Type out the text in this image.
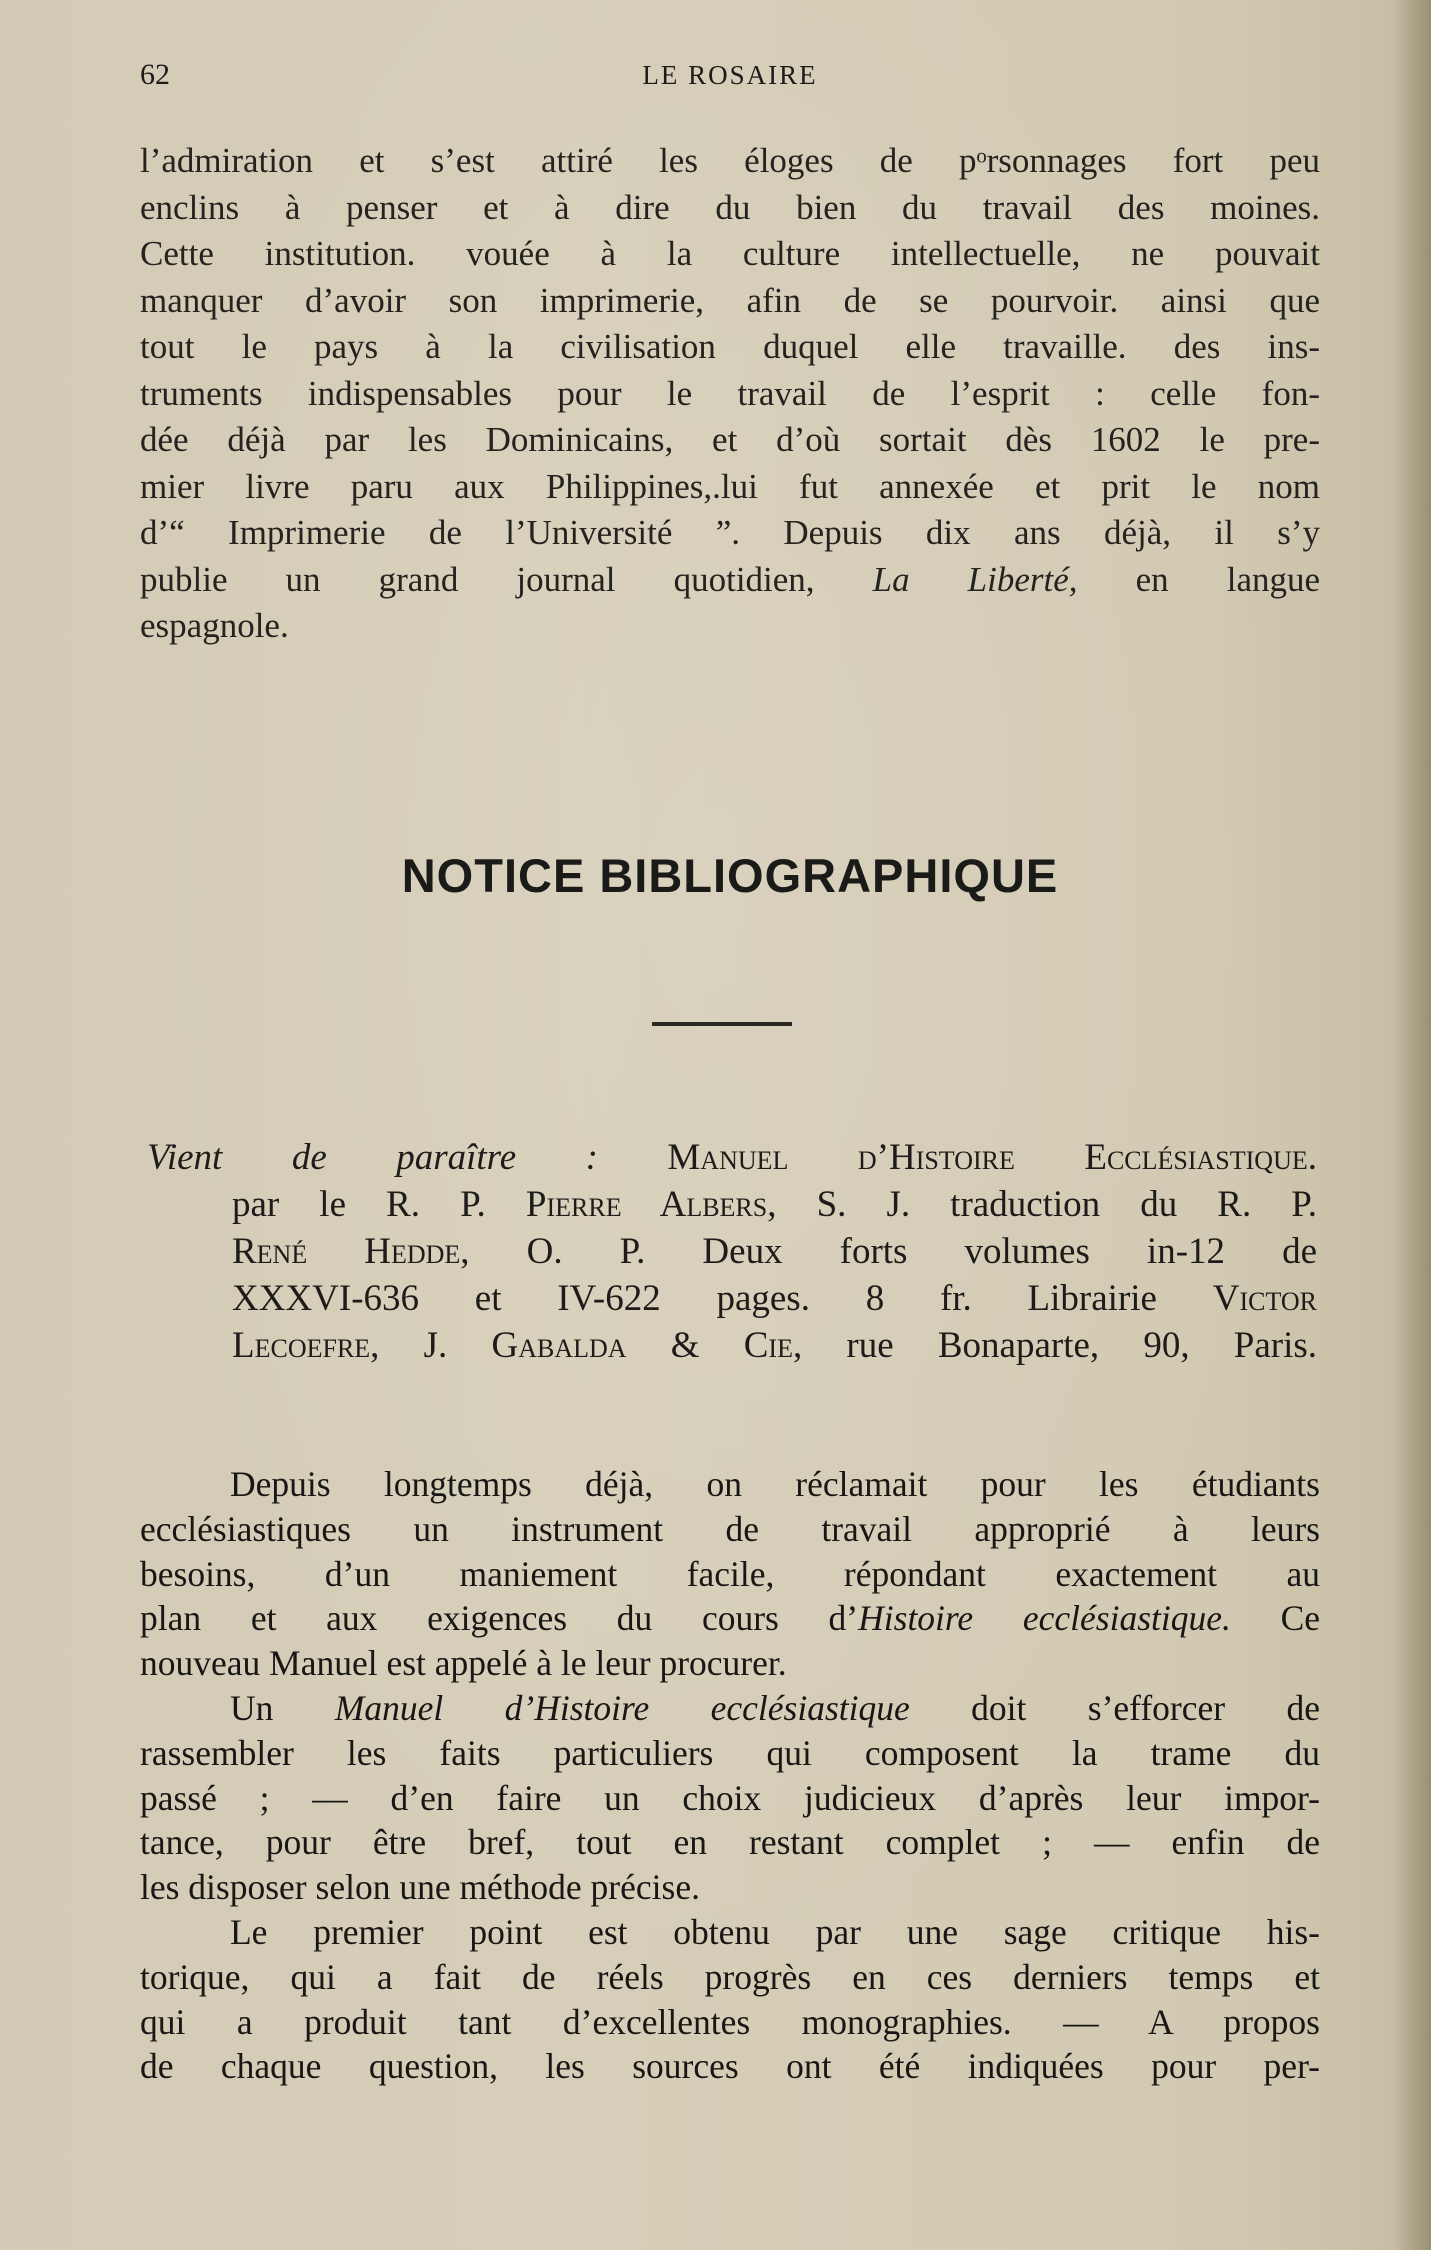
62	LE ROSAIRE
l’admiration et s’est attiré les éloges de pᵒrsonnages fort peu
enclins à penser et à dire du bien du travail des moines.
Cette institution. vouée à la culture intellectuelle, ne pouvait
manquer d’avoir son imprimerie, afin de se pourvoir. ainsi que
tout le pays à la civilisation duquel elle travaille. des ins-
truments indispensables pour le travail de l’esprit : celle fon-
dée déjà par les Dominicains, et d’où sortait dès 1602 le pre-
mier livre paru aux Philippines,.lui fut annexée et prit le nom
d’“ Imprimerie de l’Université ”. Depuis dix ans déjà, il s’y
publie un grand journal quotidien, La Liberté, en langue
espagnole.
NOTICE BIBLIOGRAPHIQUE
Vient de paraître : Manuel d’Histoire Ecclésiastique.
par le R. P. Pierre Albers, S. J. traduction du R. P.
René Hedde, O. P. Deux forts volumes in-12 de
XXXVI-636 et IV-622 pages. 8 fr. Librairie Victor
Lecoefre, J. Gabalda & Cie, rue Bonaparte, 90, Paris.
Depuis longtemps déjà, on réclamait pour les étudiants
ecclésiastiques un instrument de travail approprié à leurs
besoins, d’un maniement facile, répondant exactement au
plan et aux exigences du cours d’Histoire ecclésiastique. Ce
nouveau Manuel est appelé à le leur procurer.
Un Manuel d’Histoire ecclésiastique doit s’efforcer de
rassembler les faits particuliers qui composent la trame du
passé ; — d’en faire un choix judicieux d’après leur impor-
tance, pour être bref, tout en restant complet ; — enfin de
les disposer selon une méthode précise.
Le premier point est obtenu par une sage critique his-
torique, qui a fait de réels progrès en ces derniers temps et
qui a produit tant d’excellentes monographies. — A propos
de chaque question, les sources ont été indiquées pour per-
